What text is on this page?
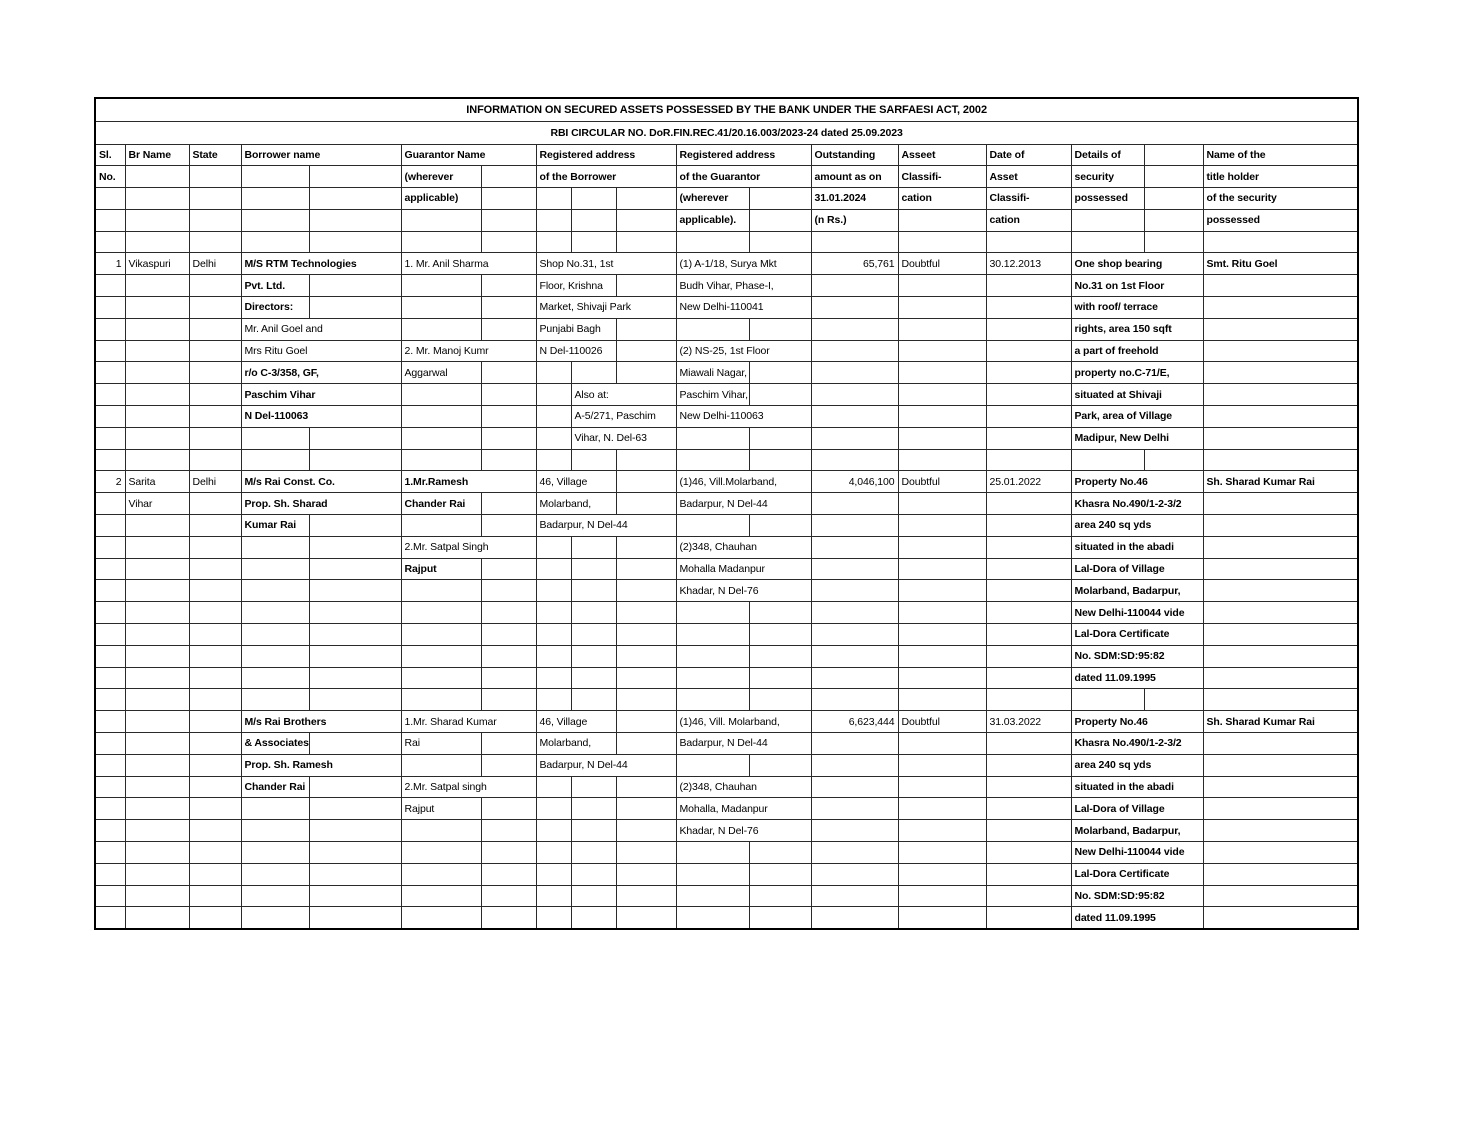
INFORMATION ON SECURED ASSETS POSSESSED BY THE BANK UNDER THE SARFAESI ACT, 2002																	
RBI CIRCULAR NO. DoR.FIN.REC.41/20.16.003/2023-24 dated 25.09.2023																	
Sl.	Br Name	State	Borrower name		Guarantor Name		Registered address			Registered address		Outstanding	Asseet	Date of	Details of		Name of the
No.					(wherever		of the Borrower			of the Guarantor		amount as on	Classifi-	Asset	security		title holder
					applicable)					(wherever		31.01.2024	cation	Classifi-	possessed		of the security
										applicable).		(n Rs.)		cation			possessed

1	Vikaspuri	Delhi	M/S RTM Technologies		1. Mr. Anil Sharma		Shop No.31, 1st			(1) A-1/18, Surya Mkt		65,761	Doubtful	30.12.2013	One shop bearing		Smt. Ritu Goel
			Pvt. Ltd.				Floor, Krishna			Budh Vihar, Phase-I,					No.31 on 1st Floor		
			Directors:				Market, Shivaji Park			New Delhi-110041					with roof/ terrace		
			Mr. Anil Goel and				Punjabi Bagh								rights, area 150 sqft		
			Mrs Ritu Goel		2. Mr. Manoj Kumr		N Del-110026			(2) NS-25, 1st Floor					a part of freehold		
			r/o C-3/358, GF,		Aggarwal					Miawali Nagar,					property no.C-71/E,		
			Paschim Vihar					Also at:		Paschim Vihar,					situated at Shivaji		
			N Del-110063					A-5/271, Paschim		New Delhi-110063					Park, area of Village		
								Vihar, N. Del-63							Madipur, New Delhi		

2	Sarita	Delhi	M/s Rai Const. Co.		1.Mr.Ramesh		46, Village			(1)46, Vill.Molarband,		4,046,100	Doubtful	25.01.2022	Property No.46		Sh. Sharad Kumar Rai
	Vihar		Prop. Sh. Sharad		Chander Rai		Molarband,			Badarpur, N Del-44					Khasra No.490/1-2-3/2		
			Kumar Rai				Badarpur, N Del-44								area 240 sq yds		
					2.Mr. Satpal Singh					(2)348, Chauhan					situated in the abadi		
					Rajput					Mohalla Madanpur					Lal-Dora of Village		
										Khadar, N Del-76					Molarband, Badarpur,		
															New Delhi-110044 vide		
															Lal-Dora Certificate		
															No. SDM:SD:95:82		
															dated 11.09.1995		

			M/s Rai Brothers		1.Mr. Sharad Kumar		46, Village			(1)46, Vill. Molarband,		6,623,444	Doubtful	31.03.2022	Property No.46		Sh. Sharad Kumar Rai
			& Associates		Rai		Molarband,			Badarpur, N Del-44					Khasra No.490/1-2-3/2		
			Prop. Sh. Ramesh				Badarpur, N Del-44								area 240 sq yds		
			Chander Rai		2.Mr. Satpal singh					(2)348, Chauhan					situated in the abadi		
					Rajput					Mohalla, Madanpur					Lal-Dora of Village		
										Khadar, N Del-76					Molarband, Badarpur,		
															New Delhi-110044 vide		
															Lal-Dora Certificate		
															No. SDM:SD:95:82		
															dated 11.09.1995		
